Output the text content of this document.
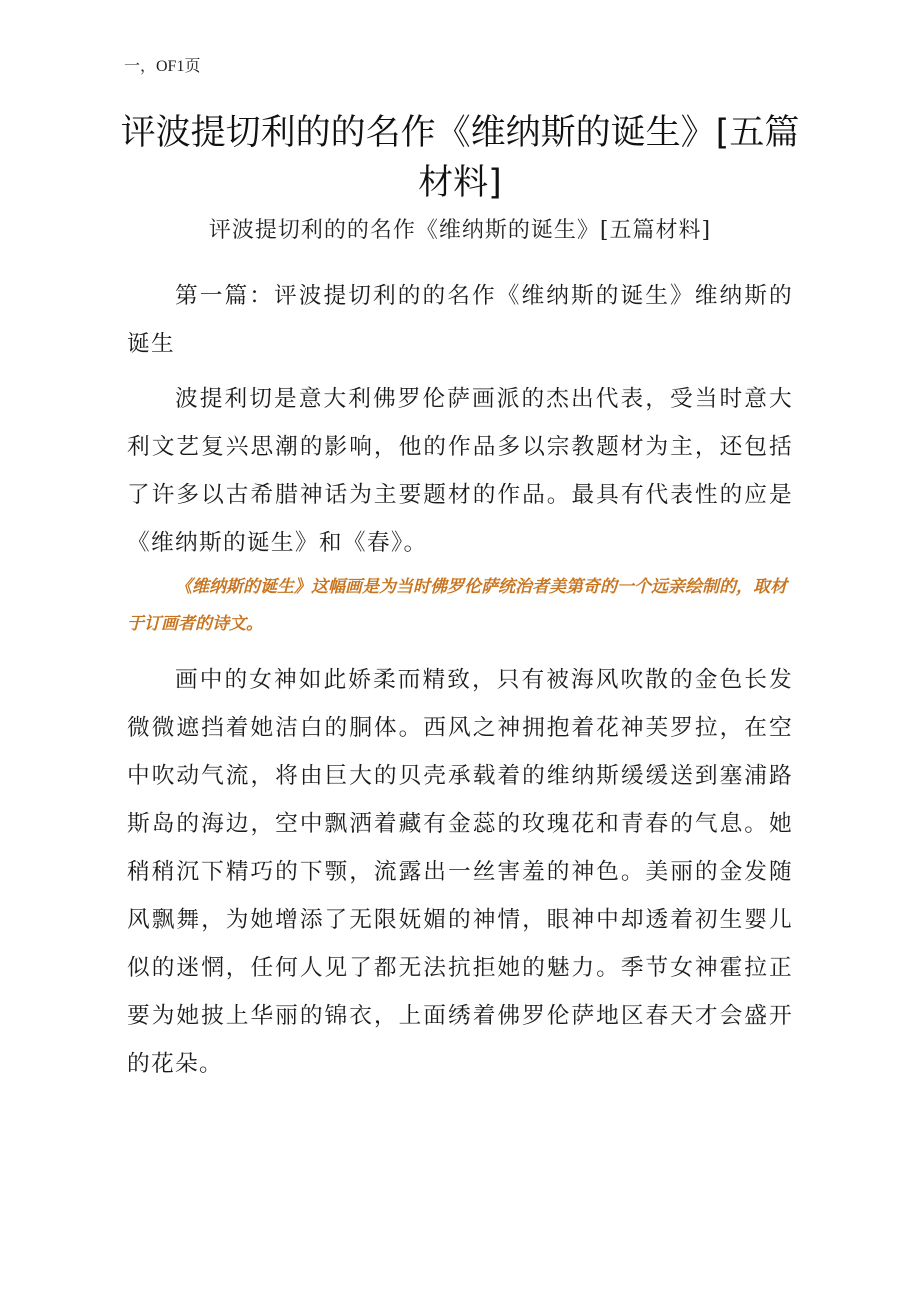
一，OF1页
评波提切利的的名作《维纳斯的诞生》[五篇材料]

评波提切利的的名作《维纳斯的诞生》[五篇材料]

第一篇：评波提切利的的名作《维纳斯的诞生》维纳斯的诞生

波提利切是意大利佛罗伦萨画派的杰出代表，受当时意大利文艺复兴思潮的影响，他的作品多以宗教题材为主，还包括了许多以古希腊神话为主要题材的作品。最具有代表性的应是《维纳斯的诞生》和《春》。

《维纳斯的诞生》这幅画是为当时佛罗伦萨统治者美第奇的一个远亲绘制的，取材于订画者的诗文。

画中的女神如此娇柔而精致，只有被海风吹散的金色长发微微遮挡着她洁白的胴体。西风之神拥抱着花神芙罗拉，在空中吹动气流，将由巨大的贝壳承载着的维纳斯缓缓送到塞浦路斯岛的海边，空中飘洒着藏有金蕊的玫瑰花和青春的气息。她稍稍沉下精巧的下颚，流露出一丝害羞的神色。美丽的金发随风飘舞，为她增添了无限妩媚的神情，眼神中却透着初生婴儿似的迷惘，任何人见了都无法抗拒她的魅力。季节女神霍拉正要为她披上华丽的锦衣，上面绣着佛罗伦萨地区春天才会盛开的花朵。
